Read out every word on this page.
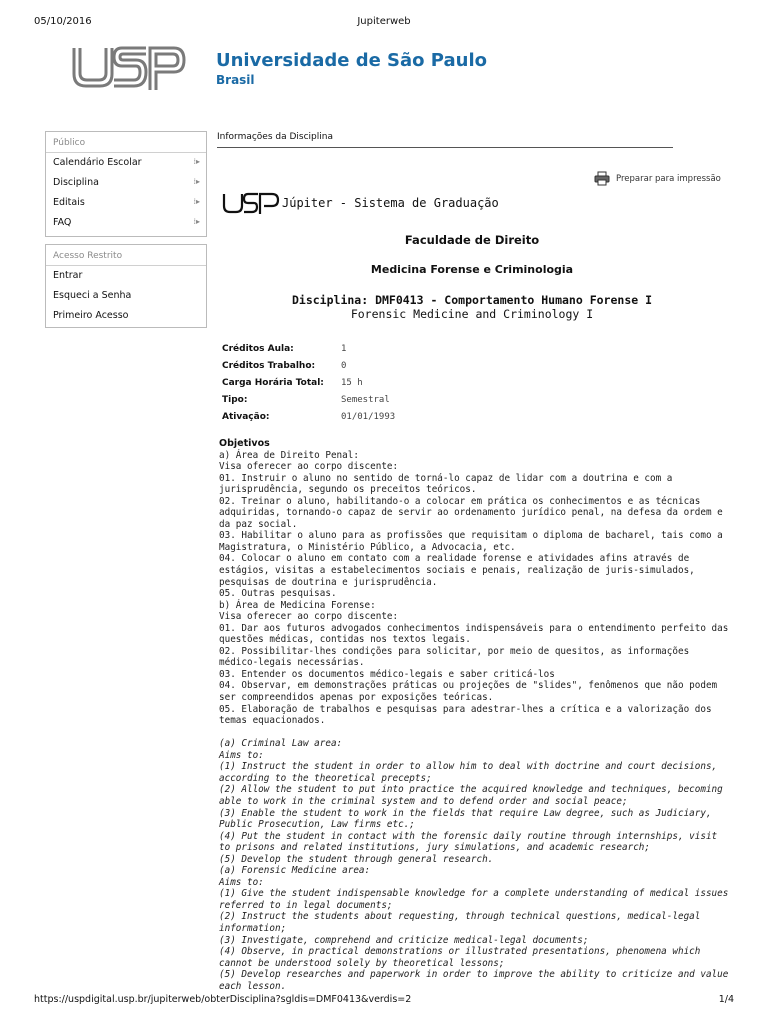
05/10/2016	Jupiterweb
USP
Universidade de São Paulo
Brasil
Público
Calendário Escolar	⁞▸
Disciplina	⁞▸
Editais	⁞▸
FAQ	⁞▸
Acesso Restrito
Entrar
Esqueci a Senha
Primeiro Acesso
Informações da Disciplina
Preparar para impressão
USP
Júpiter - Sistema de Graduação
Faculdade de Direito
Medicina Forense e Criminologia
Disciplina: DMF0413 - Comportamento Humano Forense I
Forensic Medicine and Criminology I
Créditos Aula:	1
Créditos Trabalho:	0
Carga Horária Total:	15 h
Tipo:	Semestral
Ativação:	01/01/1993
Objetivos
a) Área de Direito Penal:
Visa oferecer ao corpo discente:
01. Instruir o aluno no sentido de torná-lo capaz de lidar com a doutrina e com a jurisprudência, segundo os preceitos teóricos.
02. Treinar o aluno, habilitando-o a colocar em prática os conhecimentos e as técnicas adquiridas, tornando-o capaz de servir ao ordenamento jurídico penal, na defesa da ordem e da paz social.
03. Habilitar o aluno para as profissões que requisitam o diploma de bacharel, tais como a Magistratura, o Ministério Público, a Advocacia, etc.
04. Colocar o aluno em contato com a realidade forense e atividades afins através de estágios, visitas a estabelecimentos sociais e penais, realização de juris-simulados, pesquisas de doutrina e jurisprudência.
05. Outras pesquisas.
b) Área de Medicina Forense:
Visa oferecer ao corpo discente:
01. Dar aos futuros advogados conhecimentos indispensáveis para o entendimento perfeito das questões médicas, contidas nos textos legais.
02. Possibilitar-lhes condições para solicitar, por meio de quesitos, as informações médico-legais necessárias.
03. Entender os documentos médico-legais e saber criticá-los
04. Observar, em demonstrações práticas ou projeções de "slides", fenômenos que não podem ser compreendidos apenas por exposições teóricas.
05. Elaboração de trabalhos e pesquisas para adestrar-lhes a crítica e a valorização dos temas equacionados.
(a) Criminal Law area:
Aims to:
(1) Instruct the student in order to allow him to deal with doctrine and court decisions, according to the theoretical precepts;
(2) Allow the student to put into practice the acquired knowledge and techniques, becoming able to work in the criminal system and to defend order and social peace;
(3) Enable the student to work in the fields that require Law degree, such as Judiciary, Public Prosecution, Law firms etc.;
(4) Put the student in contact with the forensic daily routine through internships, visit to prisons and related institutions, jury simulations, and academic research;
(5) Develop the student through general research.
(a) Forensic Medicine area:
Aims to:
(1) Give the student indispensable knowledge for a complete understanding of medical issues referred to in legal documents;
(2) Instruct the students about requesting, through technical questions, medical-legal information;
(3) Investigate, comprehend and criticize medical-legal documents;
(4) Observe, in practical demonstrations or illustrated presentations, phenomena which cannot be understood solely by theoretical lessons;
(5) Develop researches and paperwork in order to improve the ability to criticize and value each lesson.
https://uspdigital.usp.br/jupiterweb/obterDisciplina?sgldis=DMF0413&verdis=2	1/4
